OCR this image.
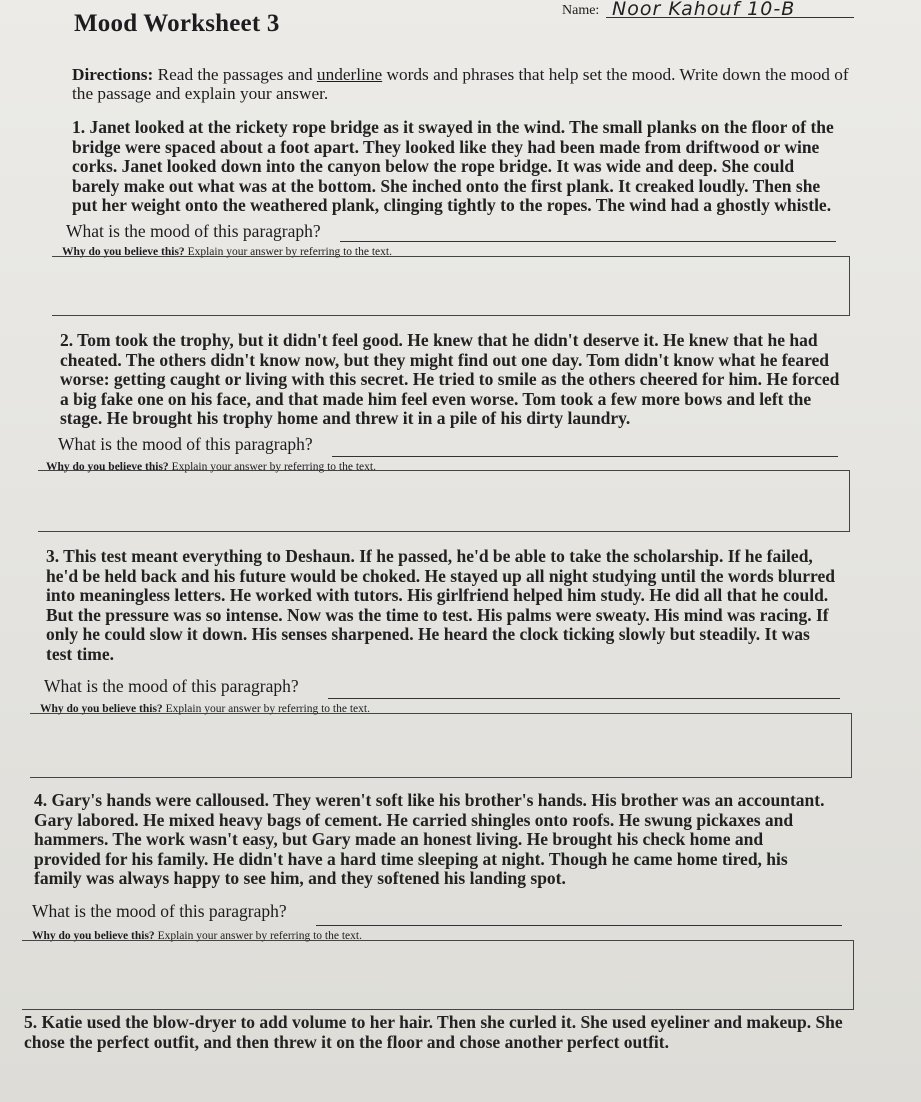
Mood Worksheet 3	Name: Noor Kahouf 10-B
Directions: Read the passages and underline words and phrases that help set the mood. Write down the mood of the passage and explain your answer.
1. Janet looked at the rickety rope bridge as it swayed in the wind. The small planks on the floor of the bridge were spaced about a foot apart. They looked like they had been made from driftwood or wine corks. Janet looked down into the canyon below the rope bridge. It was wide and deep. She could barely make out what was at the bottom. She inched onto the first plank. It creaked loudly. Then she put her weight onto the weathered plank, clinging tightly to the ropes. The wind had a ghostly whistle.
What is the mood of this paragraph?
Why do you believe this? Explain your answer by referring to the text.
2. Tom took the trophy, but it didn't feel good. He knew that he didn't deserve it. He knew that he had cheated. The others didn't know now, but they might find out one day. Tom didn't know what he feared worse: getting caught or living with this secret. He tried to smile as the others cheered for him. He forced a big fake one on his face, and that made him feel even worse. Tom took a few more bows and left the stage. He brought his trophy home and threw it in a pile of his dirty laundry.
What is the mood of this paragraph?
Why do you believe this? Explain your answer by referring to the text.
3. This test meant everything to Deshaun. If he passed, he'd be able to take the scholarship. If he failed, he'd be held back and his future would be choked. He stayed up all night studying until the words blurred into meaningless letters. He worked with tutors. His girlfriend helped him study. He did all that he could. But the pressure was so intense. Now was the time to test. His palms were sweaty. His mind was racing. If only he could slow it down. His senses sharpened. He heard the clock ticking slowly but steadily. It was test time.
What is the mood of this paragraph?
Why do you believe this? Explain your answer by referring to the text.
4. Gary's hands were calloused. They weren't soft like his brother's hands. His brother was an accountant. Gary labored. He mixed heavy bags of cement. He carried shingles onto roofs. He swung pickaxes and hammers. The work wasn't easy, but Gary made an honest living. He brought his check home and provided for his family. He didn't have a hard time sleeping at night. Though he came home tired, his family was always happy to see him, and they softened his landing spot.
What is the mood of this paragraph?
Why do you believe this? Explain your answer by referring to the text.
5. Katie used the blow-dryer to add volume to her hair. Then she curled it. She used eyeliner and makeup. She chose the perfect outfit, and then threw it on the floor and chose another perfect outfit.
